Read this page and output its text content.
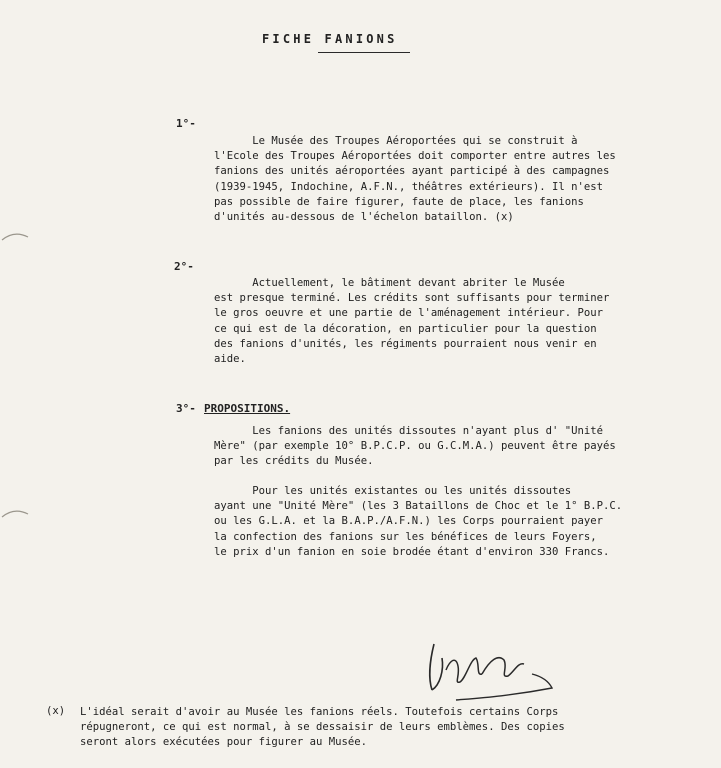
FICHE FANIONS
1°-
Le Musée des Troupes Aéroportées qui se construit à
l'Ecole des Troupes Aéroportées doit comporter entre autres les
fanions des unités aéroportées ayant participé à des campagnes
(1939-1945, Indochine, A.F.N., théâtres extérieurs). Il n'est
pas possible de faire figurer, faute de place, les fanions
d'unités au-dessous de l'échelon bataillon. (x)
2°-
Actuellement, le bâtiment devant abriter le Musée
est presque terminé. Les crédits sont suffisants pour terminer
le gros oeuvre et une partie de l'aménagement intérieur. Pour
ce qui est de la décoration, en particulier pour la question
des fanions d'unités, les régiments pourraient nous venir en
aide.
3°- PROPOSITIONS.
Les fanions des unités dissoutes n'ayant plus d' "Unité
Mère" (par exemple 10° B.P.C.P. ou G.C.M.A.) peuvent être payés
par les crédits du Musée.
Pour les unités existantes ou les unités dissoutes
ayant une "Unité Mère" (les 3 Bataillons de Choc et le 1° B.P.C.
ou les G.L.A. et la B.A.P./A.F.N.) les Corps pourraient payer
la confection des fanions sur les bénéfices de leurs Foyers,
le prix d'un fanion en soie brodée étant d'environ 330 Francs.
(x) L'idéal serait d'avoir au Musée les fanions réels. Toutefois certains Corps
répugneront, ce qui est normal, à se dessaisir de leurs emblèmes. Des copies
seront alors exécutées pour figurer au Musée.
